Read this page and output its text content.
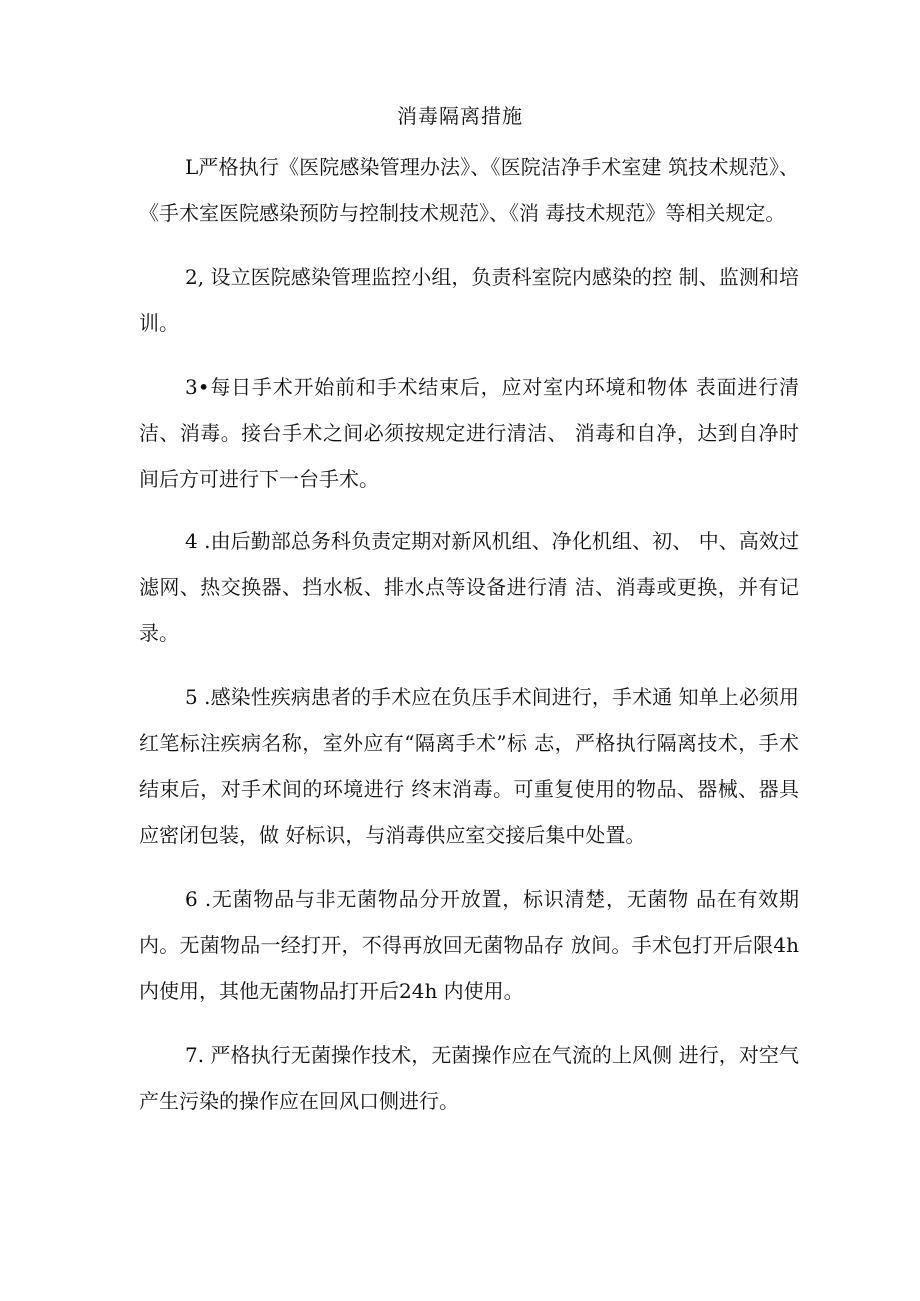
消毒隔离措施

L严格执行《医院感染管理办法》、《医院洁净手术室建 筑技术规范》、《手术室医院感染预防与控制技术规范》、《消 毒技术规范》等相关规定。

2, 设立医院感染管理监控小组，负责科室院内感染的控 制、监测和培训。

3•每日手术开始前和手术结束后，应对室内环境和物体 表面进行清洁、消毒。接台手术之间必须按规定进行清洁、 消毒和自净，达到自净时间后方可进行下一台手术。

4 .由后勤部总务科负责定期对新风机组、净化机组、初、 中、高效过滤网、热交换器、挡水板、排水点等设备进行清 洁、消毒或更换，并有记录。

5 .感染性疾病患者的手术应在负压手术间进行，手术通 知单上必须用红笔标注疾病名称，室外应有“隔离手术”标 志，严格执行隔离技术，手术结束后，对手术间的环境进行 终末消毒。可重复使用的物品、器械、器具应密闭包装，做 好标识，与消毒供应室交接后集中处置。

6 .无菌物品与非无菌物品分开放置，标识清楚，无菌物 品在有效期内。无菌物品一经打开，不得再放回无菌物品存 放间。手术包打开后限4h内使用，其他无菌物品打开后24h 内使用。

7. 严格执行无菌操作技术，无菌操作应在气流的上风侧 进行，对空气产生污染的操作应在回风口侧进行。
